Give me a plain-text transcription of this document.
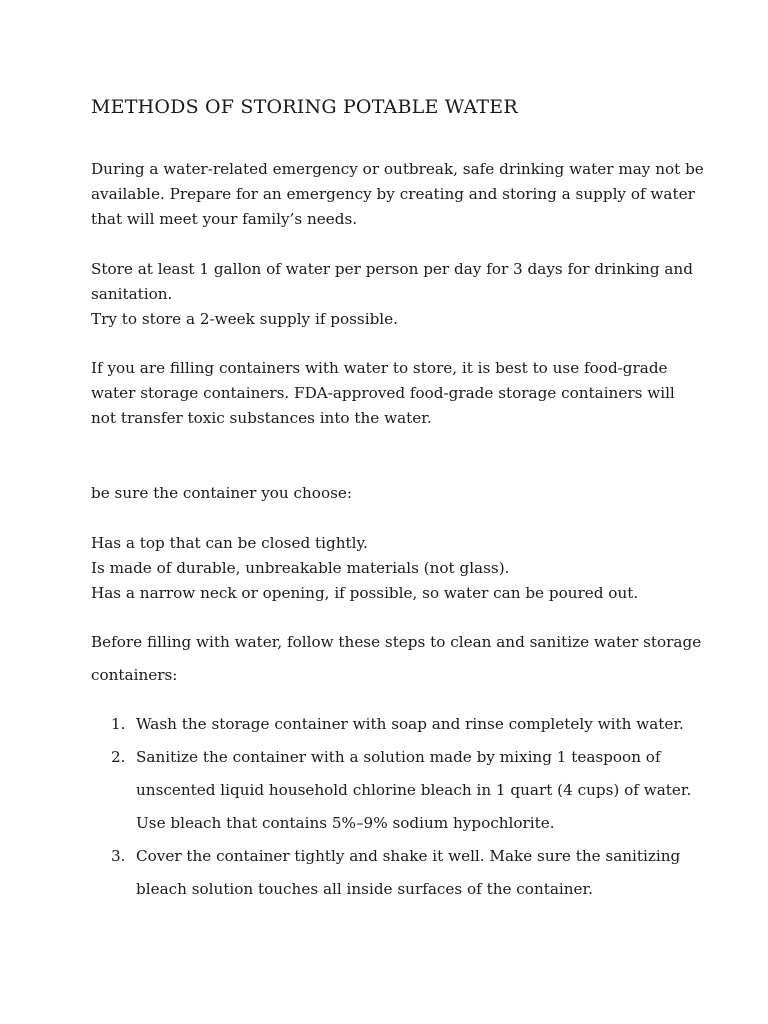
METHODS OF STORING POTABLE WATER

During a water-related emergency or outbreak, safe drinking water may not be
available. Prepare for an emergency by creating and storing a supply of water
that will meet your family’s needs.

Store at least 1 gallon of water per person per day for 3 days for drinking and
sanitation.
Try to store a 2-week supply if possible.

If you are filling containers with water to store, it is best to use food-grade
water storage containers. FDA-approved food-grade storage containers will
not transfer toxic substances into the water.

be sure the container you choose:

Has a top that can be closed tightly.
Is made of durable, unbreakable materials (not glass).
Has a narrow neck or opening, if possible, so water can be poured out.

Before filling with water, follow these steps to clean and sanitize water storage
containers:

1. Wash the storage container with soap and rinse completely with water.
2. Sanitize the container with a solution made by mixing 1 teaspoon of
unscented liquid household chlorine bleach in 1 quart (4 cups) of water.
Use bleach that contains 5%–9% sodium hypochlorite.
3. Cover the container tightly and shake it well. Make sure the sanitizing
bleach solution touches all inside surfaces of the container.
